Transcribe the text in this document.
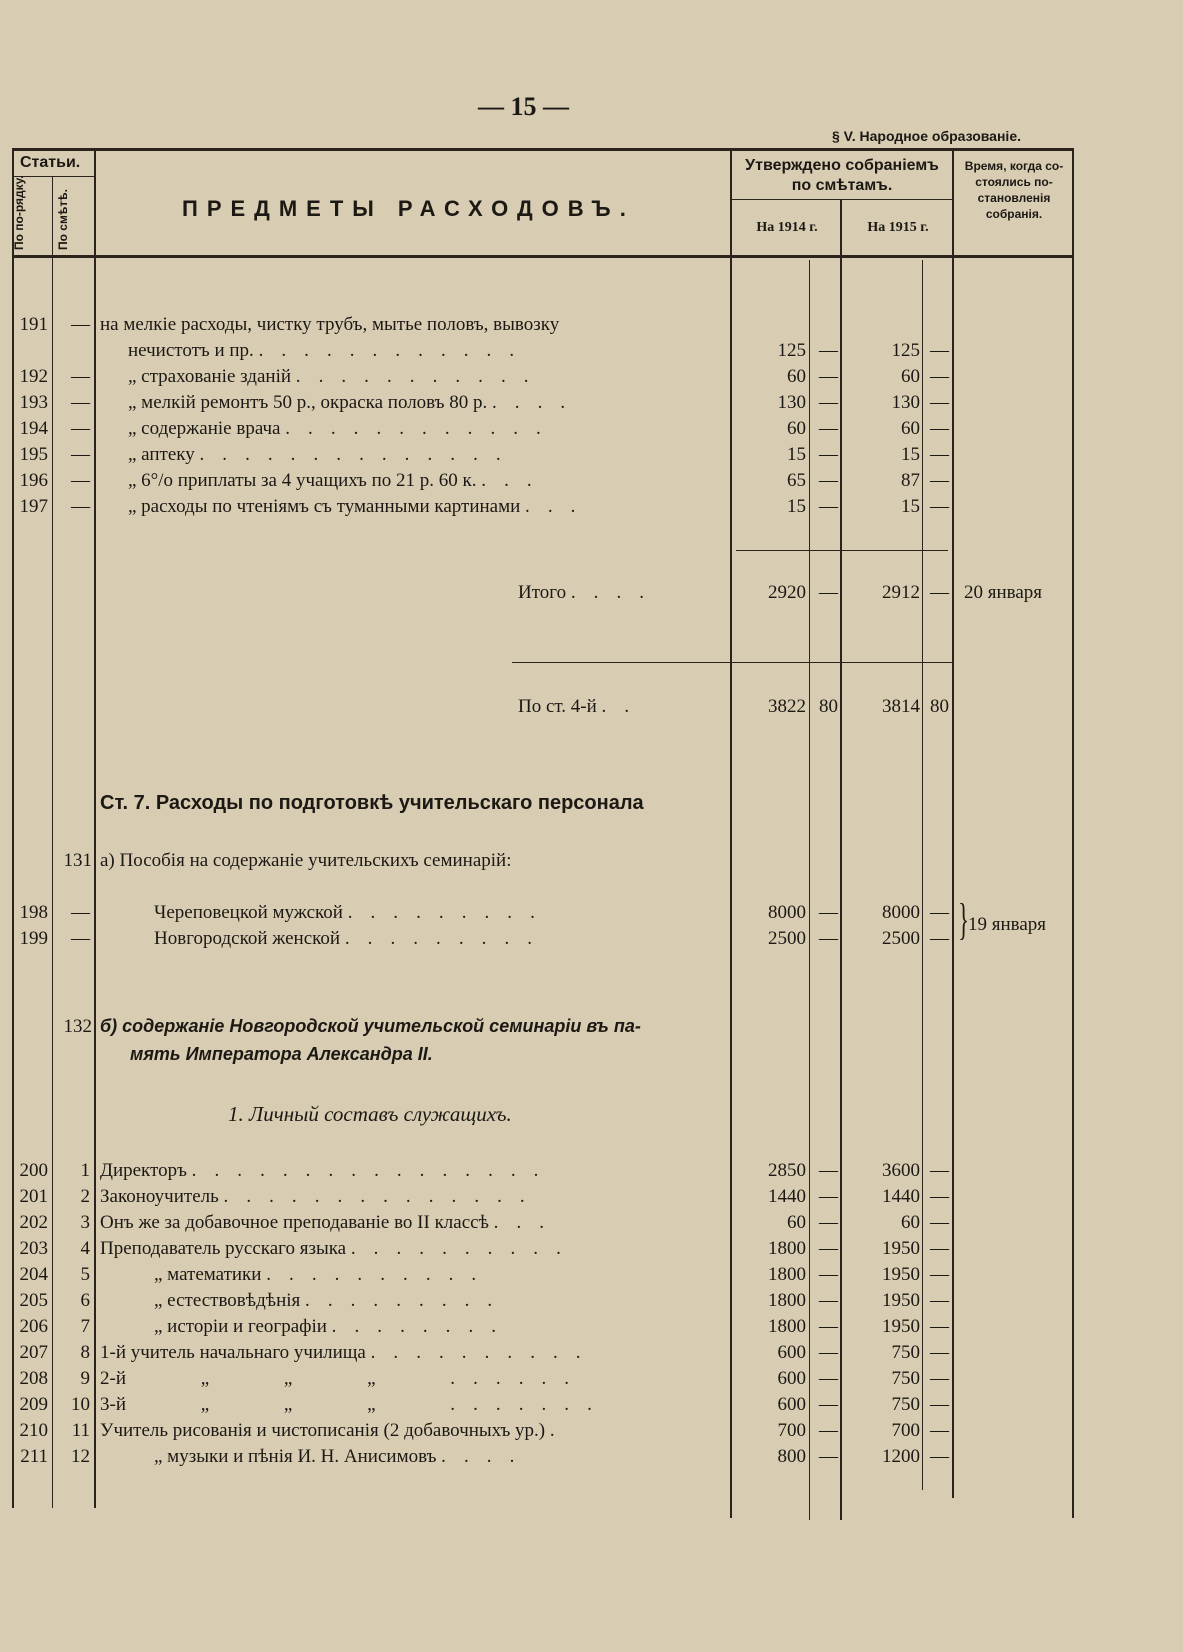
— 15 —
§ V. Народное образованіе.
Статьи.
По по-рядку.	По смѣтѣ.	ПРЕДМЕТЫ РАСХОДОВЪ.
Утверждено собраніемъ по смѣтамъ.
На 1914 г.	На 1915 г.
Время, когда со-стоялись по-становленія собранія.
191	— на мелкіе расходы, чистку трубъ, мытье половъ, вывозку
нечистотъ и пр. . . . . . . . . . . . .	125 —	125 —
192	— „ страхованіе зданій . . . . . . . . . . .	60 —	60 —
193	— „ мелкій ремонтъ 50 р., окраска половъ 80 р. . . . .	130 —	130 —
194	— „ содержаніе врача . . . . . . . . . . . .	60 —	60 —
195	— „ аптеку . . . . . . . . . . . . . .	15 —	15 —
196	— „ 6°/о приплаты за 4 учащихъ по 21 р. 60 к. . . .	65 —	87 —
197	— „ расходы по чтеніямъ съ туманными картинами . . .	15 —	15 —
Итого . . . .	2920 —	2912 — 20 января
По ст. 4-й . .	3822 80	3814 80
Ст. 7. Расходы по подготовкѣ учительскаго персонала
131 а) Пособія на содержаніе учительскихъ семинарій:
198	—	Череповецкой мужской . . . . . . . . .	8000 —	8000 —
199	—	Новгородской женской . . . . . . . . .	2500 —	2500 — } 19 января
132 б) содержаніе Новгородской учительской семинаріи въ па-
мять Императора Александра II.
1. Личный составъ служащихъ.
200	1 Директоръ . . . . . . . . . . . . . . . .	2850 —	3600 —
201	2 Законоучитель . . . . . . . . . . . . . .	1440 —	1440 —
202	3 Онъ же за добавочное преподаваніе во II классѣ . . .	60 —	60 —
203	4 Преподаватель русскаго языка . . . . . . . . . .	1800 —	1950 —
204	5	„ математики . . . . . . . . . .	1800 —	1950 —
205	6	„ естествовѣдѣнія . . . . . . . . .	1800 —	1950 —
206	7	„ исторіи и географіи . . . . . . . .	1800 —	1950 —
207	8 1-й учитель начальнаго училища . . . . . . . . . .	600 —	750 —
208	9 2-й „ „ „	. . . . . .	600 —	750 —
209	10 3-й „ „ „	. . . . . . .	600 —	750 —
210	11 Учитель рисованія и чистописанія (2 добавочныхъ ур.) .	700 —	700 —
211	12	„ музыки и пѣнія И. Н. Анисимовъ . . . .	800 —	1200 —
